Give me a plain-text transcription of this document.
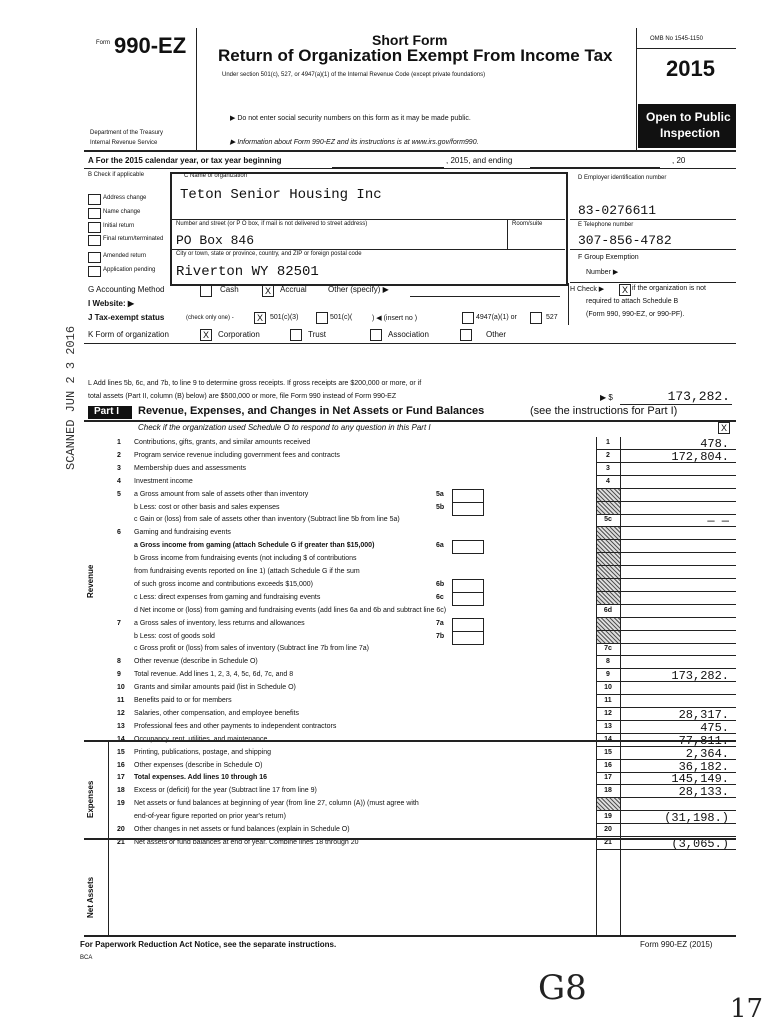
Form 990-EZ	Short Form
Return of Organization Exempt From Income Tax
Under section 501(c), 527, or 4947(a)(1) of the Internal Revenue Code (except private foundations)
▶ Do not enter social security numbers on this form as it may be made public.
▶ Information about Form 990-EZ and its instructions is at www.irs.gov/form990.
Department of the Treasury
Internal Revenue Service
OMB No 1545-1150
2015
Open to Public
Inspection
A For the 2015 calendar year, or tax year beginning	, 2015, and ending	, 20
B Check if applicable
Address change
Name change
Initial return
Final return/terminated
Amended return
Application pending
C Name of organization
Teton Senior Housing Inc
Number and street (or P O box, if mail is not delivered to street address)	Room/suite
PO Box 846
City or town, state or province, country, and ZIP or foreign postal code
Riverton WY 82501
D Employer identification number
83-0276611
E Telephone number
307-856-4782
F Group Exemption
Number ▶
G Accounting Method	Cash	X	Accrual	Other (specify) ▶	H Check ▶	X if the organization is not
required to attach Schedule B
(Form 990, 990-EZ, or 990-PF).
I Website: ▶
J Tax-exempt status	(check only one) -	X	501(c)(3)	501(c)(	) ◀ (insert no )	4947(a)(1) or	527
K Form of organization	X	Corporation	Trust	Association	Other
SCANNED JUN 2 3 2016 L Add lines 5b, 6c, and 7b, to line 9 to determine gross receipts. If gross receipts are $200,000 or more, or if
total assets (Part II, column (B) below) are $500,000 or more, file Form 990 instead of Form 990-EZ	▶ $	173,282.
Part I Revenue, Expenses, and Changes in Net Assets or Fund Balances	(see the instructions for Part I)
Check if the organization used Schedule O to respond to any question in this Part I	X
1 Contributions, gifts, grants, and similar amounts received	1	478.
2 Program service revenue including government fees and contracts	2	172,804.
3 Membership dues and assessments	3
4 Investment income	4
5 a Gross amount from sale of assets other than inventory	5a
b Less: cost or other basis and sales expenses	5b
c Gain or (loss) from sale of assets other than inventory (Subtract line 5b from line 5a)	5c	— —
6 Gaming and fundraising events
a Gross income from gaming (attach Schedule G if greater than $15,000)	6a
b Gross income from fundraising events (not including $ of contributions
from fundraising events reported on line 1) (attach Schedule G if the sum
of such gross income and contributions exceeds $15,000)	6b
c Less: direct expenses from gaming and fundraising events	6c
d Net income or (loss) from gaming and fundraising events (add lines 6a and 6b and subtract line 6c)	6d
7 a Gross sales of inventory, less returns and allowances	7a
b Less: cost of goods sold	7b
c Gross profit or (loss) from sales of inventory (Subtract line 7b from line 7a)	7c
8 Other revenue (describe in Schedule O)	8
9 Total revenue. Add lines 1, 2, 3, 4, 5c, 6d, 7c, and 8	9	173,282.
10 Grants and similar amounts paid (list in Schedule O)	10
11 Benefits paid to or for members	11
12 Salaries, other compensation, and employee benefits	12	28,317.
13 Professional fees and other payments to independent contractors	13	475.
14 Occupancy, rent, utilities, and maintenance	14	77,811.
15 Printing, publications, postage, and shipping	15	2,364.
16 Other expenses (describe in Schedule O)	16	36,182.
17 Total expenses. Add lines 10 through 16	17	145,149.
18 Excess or (deficit) for the year (Subtract line 17 from line 9)	18	28,133.
19 Net assets or fund balances at beginning of year (from line 27, column (A)) (must agree with
end-of-year figure reported on prior year's return)	19	(31,198.)
20 Other changes in net assets or fund balances (explain in Schedule O)	20
21 Net assets or fund balances at end of year. Combine lines 18 through 20	21	(3,065.)
Revenue
Expenses
Net Assets
For Paperwork Reduction Act Notice, see the separate instructions.	Form 990-EZ (2015)
BCA
G8
17
